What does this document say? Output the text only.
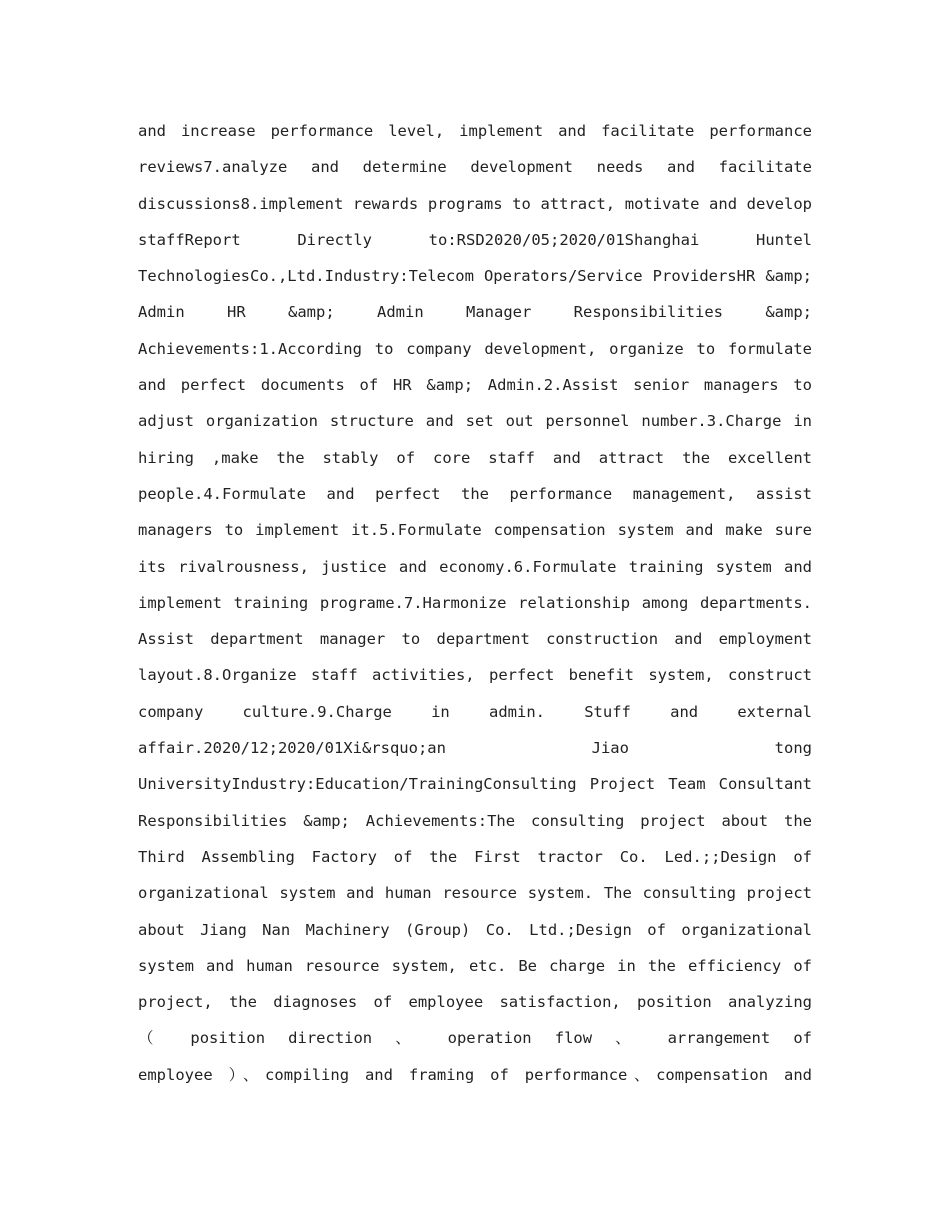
and increase performance level, implement and facilitate performance
reviews7.analyze and determine development needs and facilitate
discussions8.implement rewards programs to attract, motivate and develop
staffReport Directly to:RSD2020/05;2020/01Shanghai Huntel
TechnologiesCo.,Ltd.Industry:Telecom Operators/Service ProvidersHR &amp;
Admin HR &amp; Admin Manager Responsibilities &amp;
Achievements:1.According to company development, organize to formulate
and perfect documents of HR &amp; Admin.2.Assist senior managers to
adjust organization structure and set out personnel number.3.Charge in
hiring ,make the stably of core staff and attract the excellent
people.4.Formulate and perfect the performance management, assist
managers to implement it.5.Formulate compensation system and make sure
its rivalrousness, justice and economy.6.Formulate training system and
implement training programe.7.Harmonize relationship among departments.
Assist department manager to department construction and employment
layout.8.Organize staff activities, perfect benefit system, construct
company culture.9.Charge in admin. Stuff and external
affair.2020/12;2020/01Xi&rsquo;an Jiao tong
UniversityIndustry:Education/TrainingConsulting Project Team Consultant
Responsibilities &amp; Achievements:The consulting project about the
Third Assembling Factory of the First tractor Co. Led.;;Design of
organizational system and human resource system. The consulting project
about Jiang Nan Machinery (Group) Co. Ltd.;Design of organizational
system and human resource system, etc. Be charge in the efficiency of
project, the diagnoses of employee satisfaction, position analyzing
（ position direction 、 operation flow 、 arrangement of
employee ）、compiling and framing of performance、compensation and
